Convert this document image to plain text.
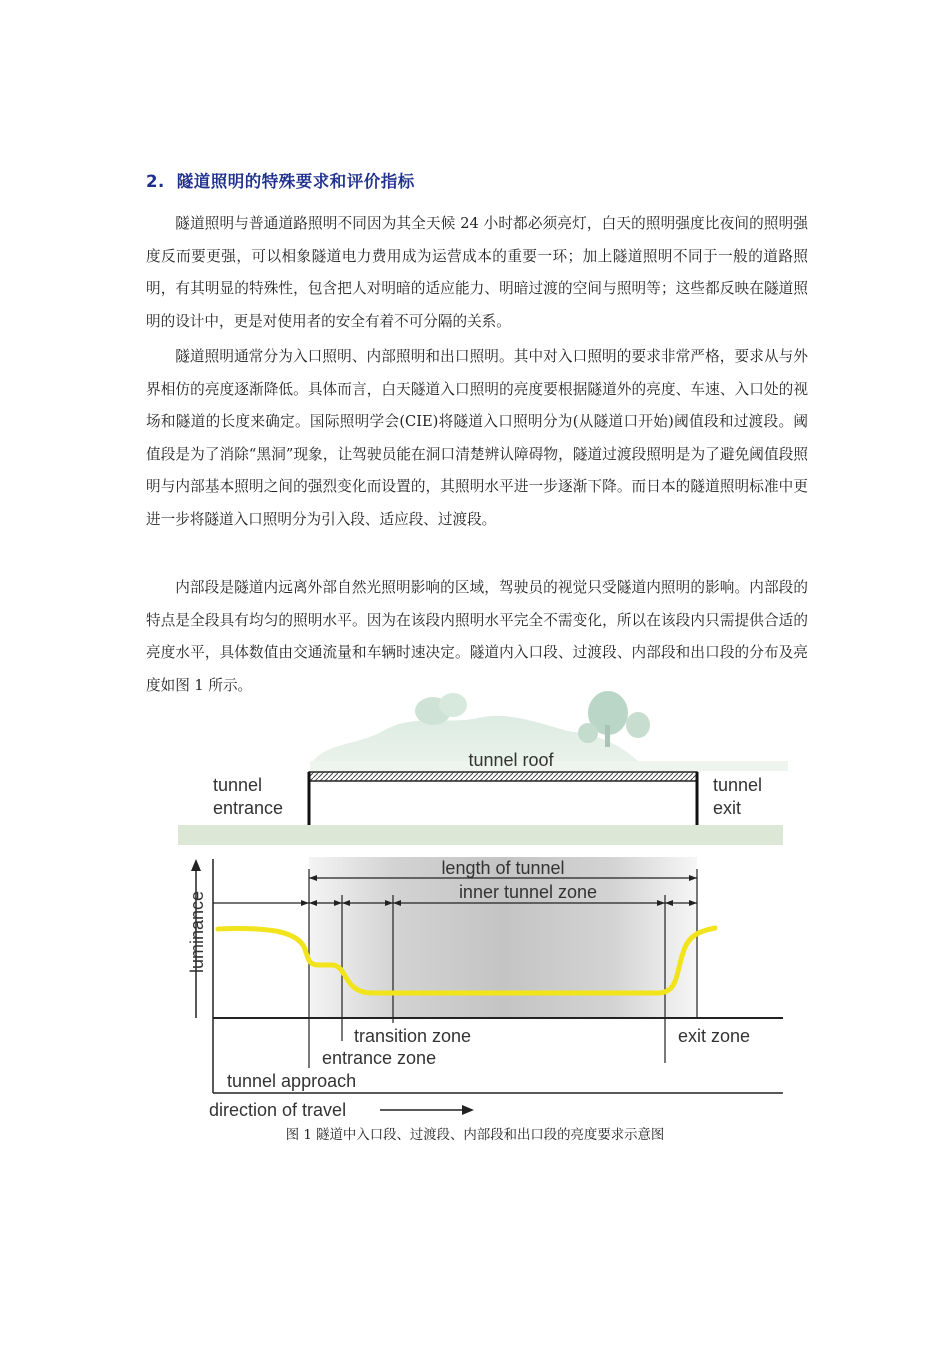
2. 隧道照明的特殊要求和评价指标

隧道照明与普通道路照明不同因为其全天候 24 小时都必须亮灯，白天的照明强度比夜间的照明强度反而要更强，可以相象隧道电力费用成为运营成本的重要一环；加上隧道照明不同于一般的道路照明，有其明显的特殊性，包含把人对明暗的适应能力、明暗过渡的空间与照明等；这些都反映在隧道照明的设计中，更是对使用者的安全有着不可分隔的关系。

隧道照明通常分为入口照明、内部照明和出口照明。其中对入口照明的要求非常严格，要求从与外界相仿的亮度逐渐降低。具体而言，白天隧道入口照明的亮度要根据隧道外的亮度、车速、入口处的视场和隧道的长度来确定。国际照明学会(CIE)将隧道入口照明分为(从隧道口开始)阈值段和过渡段。阈值段是为了消除“黑洞”现象，让驾驶员能在洞口清楚辨认障碍物，隧道过渡段照明是为了避免阈值段照明与内部基本照明之间的强烈变化而设置的，其照明水平进一步逐渐下降。而日本的隧道照明标准中更进一步将隧道入口照明分为引入段、适应段、过渡段。

内部段是隧道内远离外部自然光照明影响的区域，驾驶员的视觉只受隧道内照明的影响。内部段的特点是全段具有均匀的照明水平。因为在该段内照明水平完全不需变化，所以在该段内只需提供合适的亮度水平，具体数值由交通流量和车辆时速决定。隧道内入口段、过渡段、内部段和出口段的分布及亮度如图 1 所示。

tunnel roof
tunnel
entrance
tunnel
exit
luminance
length of tunnel
inner tunnel zone
transition zone	exit zone
entrance zone
tunnel approach
direction of travel
图 1 隧道中入口段、过渡段、内部段和出口段的亮度要求示意图
